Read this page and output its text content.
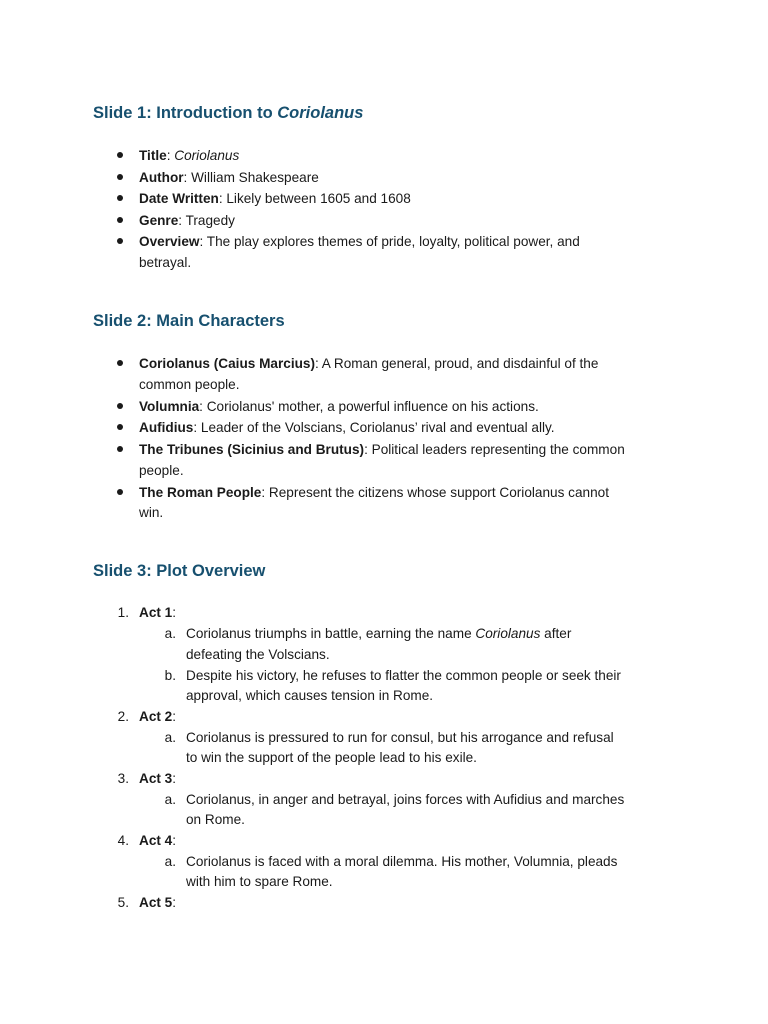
Slide 1: Introduction to Coriolanus

Title: Coriolanus

Author: William Shakespeare

Date Written: Likely between 1605 and 1608

Genre: Tragedy

Overview: The play explores themes of pride, loyalty, political power, and

betrayal.

Slide 2: Main Characters

Coriolanus (Caius Marcius): A Roman general, proud, and disdainful of the

common people.

Volumnia: Coriolanus' mother, a powerful influence on his actions.

Aufidius: Leader of the Volscians, Coriolanus’ rival and eventual ally.

The Tribunes (Sicinius and Brutus): Political leaders representing the common

people.

The Roman People: Represent the citizens whose support Coriolanus cannot

win.

Slide 3: Plot Overview
1. Act 1:

a. Coriolanus triumphs in battle, earning the name Coriolanus after

defeating the Volscians.

b. Despite his victory, he refuses to flatter the common people or seek their

approval, which causes tension in Rome.

2. Act 2:

a. Coriolanus is pressured to run for consul, but his arrogance and refusal

to win the support of the people lead to his exile.

3. Act 3:

a. Coriolanus, in anger and betrayal, joins forces with Aufidius and marches

on Rome.

4. Act 4:

a. Coriolanus is faced with a moral dilemma. His mother, Volumnia, pleads

with him to spare Rome.

5. Act 5:
